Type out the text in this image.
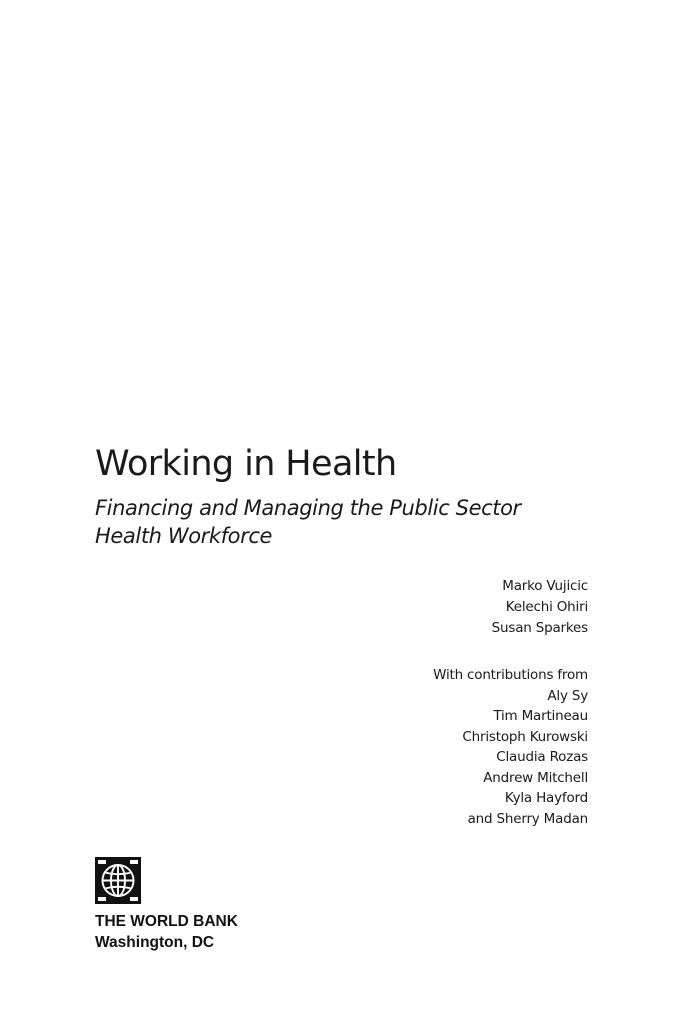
Working in Health
Financing and Managing the Public Sector
Health Workforce
Marko Vujicic
Kelechi Ohiri
Susan Sparkes
With contributions from
Aly Sy
Tim Martineau
Christoph Kurowski
Claudia Rozas
Andrew Mitchell
Kyla Hayford
and Sherry Madan
THE WORLD BANK
Washington, DC
